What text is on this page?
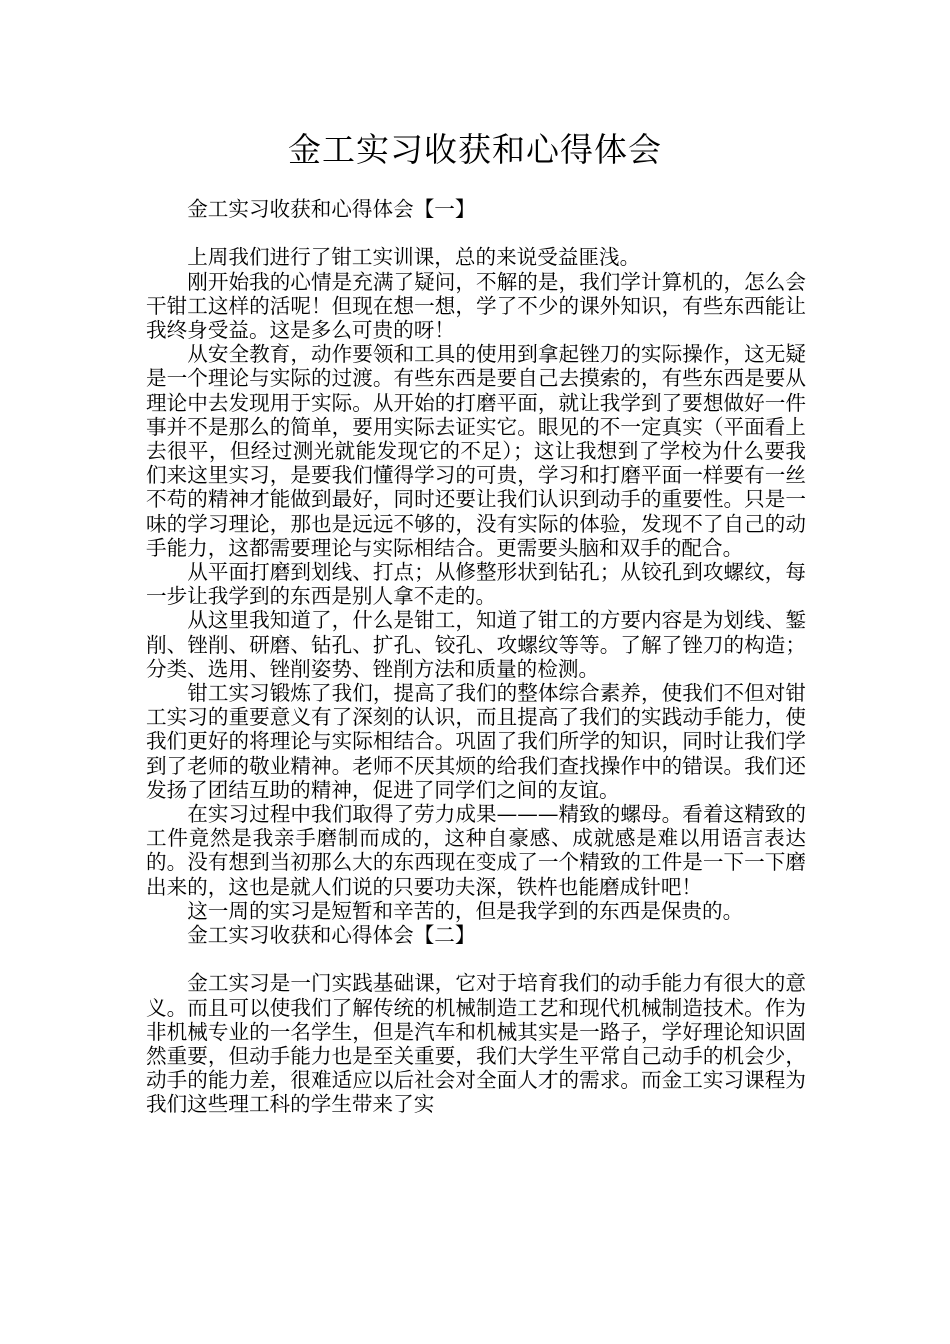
金工实习收获和心得体会

金工实习收获和心得体会【一】

上周我们进行了钳工实训课，总的来说受益匪浅。

刚开始我的心情是充满了疑问，不解的是，我们学计算机的，怎么会干钳工这样的活呢！但现在想一想，学了不少的课外知识，有些东西能让我终身受益。这是多么可贵的呀！

从安全教育，动作要领和工具的使用到拿起锉刀的实际操作，这无疑是一个理论与实际的过渡。有些东西是要自己去摸索的，有些东西是要从理论中去发现用于实际。从开始的打磨平面，就让我学到了要想做好一件事并不是那么的简单，要用实际去证实它。眼见的不一定真实（平面看上去很平，但经过测光就能发现它的不足）；这让我想到了学校为什么要我们来这里实习，是要我们懂得学习的可贵，学习和打磨平面一样要有一丝不苟的精神才能做到最好，同时还要让我们认识到动手的重要性。只是一味的学习理论，那也是远远不够的，没有实际的体验，发现不了自己的动手能力，这都需要理论与实际相结合。更需要头脑和双手的配合。

从平面打磨到划线、打点；从修整形状到钻孔；从铰孔到攻螺纹，每一步让我学到的东西是别人拿不走的。

从这里我知道了，什么是钳工，知道了钳工的方要内容是为划线、錾削、锉削、研磨、钻孔、扩孔、铰孔、攻螺纹等等。了解了锉刀的构造；分类、选用、锉削姿势、锉削方法和质量的检测。

钳工实习锻炼了我们，提高了我们的整体综合素养，使我们不但对钳工实习的重要意义有了深刻的认识，而且提高了我们的实践动手能力，使我们更好的将理论与实际相结合。巩固了我们所学的知识，同时让我们学到了老师的敬业精神。老师不厌其烦的给我们查找操作中的错误。我们还发扬了团结互助的精神，促进了同学们之间的友谊。

在实习过程中我们取得了劳力成果———精致的螺母。看着这精致的工件竟然是我亲手磨制而成的，这种自豪感、成就感是难以用语言表达的。没有想到当初那么大的东西现在变成了一个精致的工件是一下一下磨出来的，这也是就人们说的只要功夫深，铁杵也能磨成针吧！

这一周的实习是短暂和辛苦的，但是我学到的东西是保贵的。

金工实习收获和心得体会【二】

金工实习是一门实践基础课，它对于培育我们的动手能力有很大的意义。而且可以使我们了解传统的机械制造工艺和现代机械制造技术。作为非机械专业的一名学生，但是汽车和机械其实是一路子，学好理论知识固然重要，但动手能力也是至关重要，我们大学生平常自己动手的机会少，动手的能力差，很难适应以后社会对全面人才的需求。而金工实习课程为我们这些理工科的学生带来了实
